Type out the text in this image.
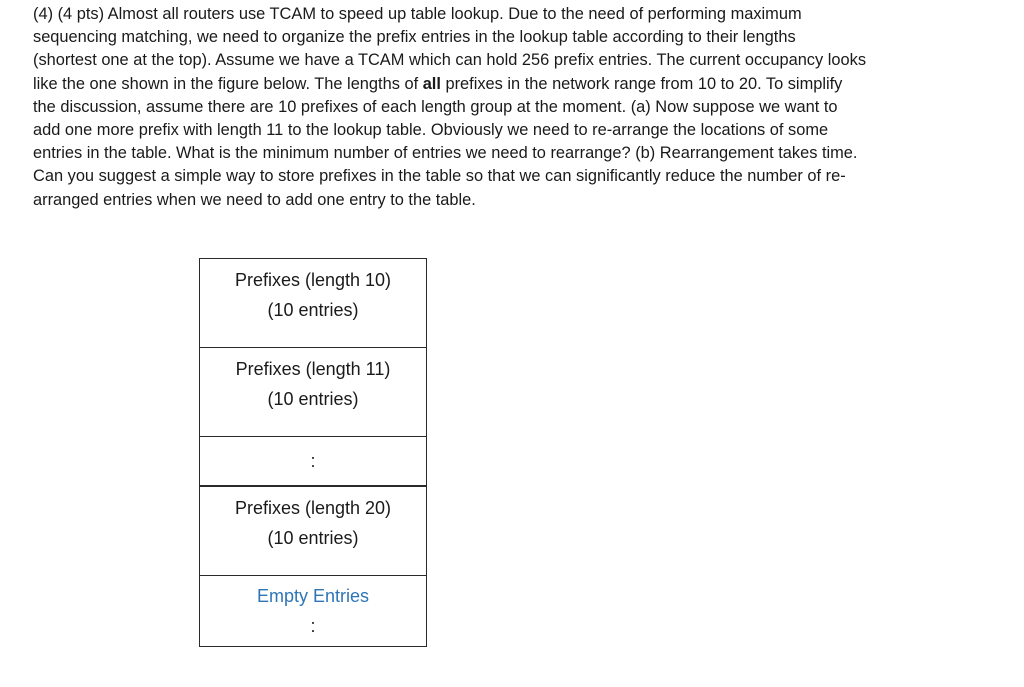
(4) (4 pts) Almost all routers use TCAM to speed up table lookup. Due to the need of performing maximum
sequencing matching, we need to organize the prefix entries in the lookup table according to their lengths
(shortest one at the top). Assume we have a TCAM which can hold 256 prefix entries. The current occupancy looks
like the one shown in the figure below. The lengths of all prefixes in the network range from 10 to 20. To simplify
the discussion, assume there are 10 prefixes of each length group at the moment. (a) Now suppose we want to
add one more prefix with length 11 to the lookup table. Obviously we need to re-arrange the locations of some
entries in the table. What is the minimum number of entries we need to rearrange? (b) Rearrangement takes time.
Can you suggest a simple way to store prefixes in the table so that we can significantly reduce the number of re-
arranged entries when we need to add one entry to the table.
Prefixes (length 10)
(10 entries)
Prefixes (length 11)
(10 entries)
:
Prefixes (length 20)
(10 entries)
Empty Entries
:
